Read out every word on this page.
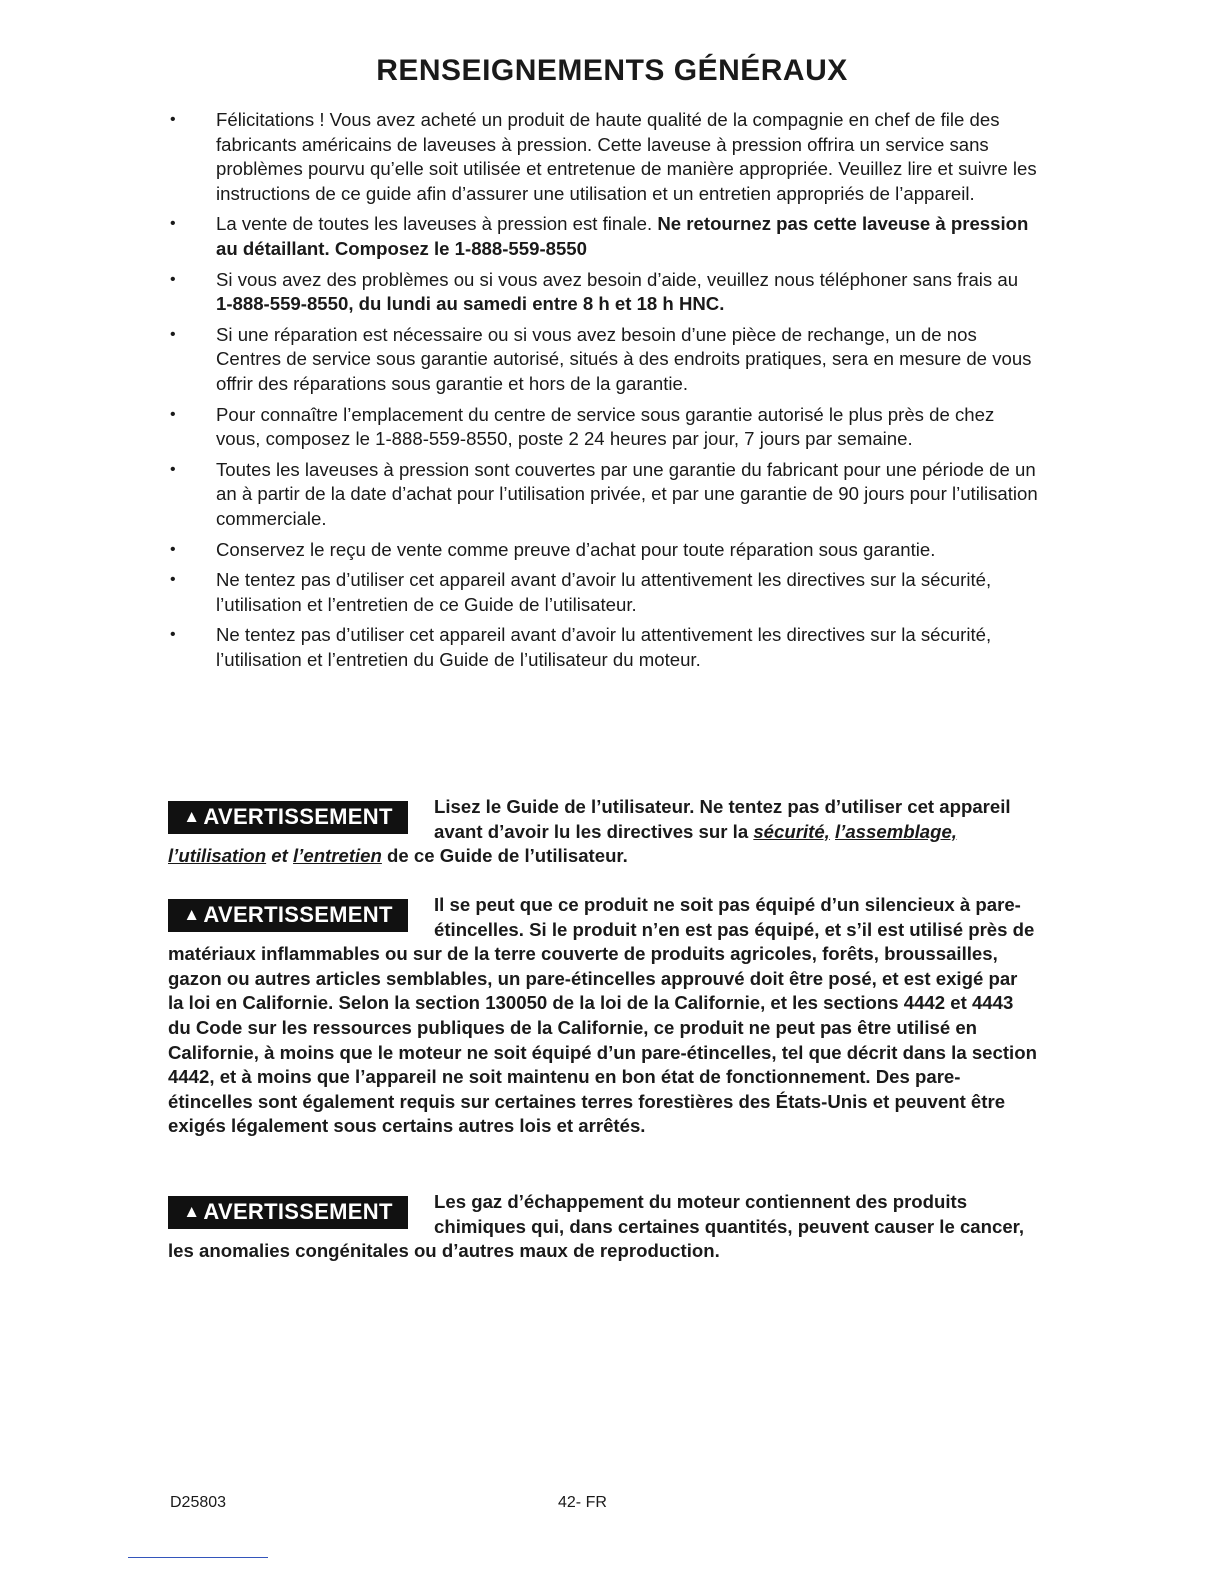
RENSEIGNEMENTS GÉNÉRAUX
• Félicitations ! Vous avez acheté un produit de haute qualité de la compagnie en chef de file des fabricants américains de laveuses à pression. Cette laveuse à pression offrira un service sans problèmes pourvu qu’elle soit utilisée et entretenue de manière appropriée. Veuillez lire et suivre les instructions de ce guide afin d’assurer une utilisation et un entretien appropriés de l’appareil.
• La vente de toutes les laveuses à pression est finale. Ne retournez pas cette laveuse à pression au détaillant. Composez le 1-888-559-8550
• Si vous avez des problèmes ou si vous avez besoin d’aide, veuillez nous téléphoner sans frais au 1-888-559-8550, du lundi au samedi entre 8 h et 18 h HNC.
• Si une réparation est nécessaire ou si vous avez besoin d’une pièce de rechange, un de nos Centres de service sous garantie autorisé, situés à des endroits pratiques, sera en mesure de vous offrir des réparations sous garantie et hors de la garantie.
• Pour connaître l’emplacement du centre de service sous garantie autorisé le plus près de chez vous, composez le 1-888-559-8550, poste 2 24 heures par jour, 7 jours par semaine.
• Toutes les laveuses à pression sont couvertes par une garantie du fabricant pour une période de un an à partir de la date d’achat pour l’utilisation privée, et par une garantie de 90 jours pour l’utilisation commerciale.
• Conservez le reçu de vente comme preuve d’achat pour toute réparation sous garantie.
• Ne tentez pas d’utiliser cet appareil avant d’avoir lu attentivement les directives sur la sécurité, l’utilisation et l’entretien de ce Guide de l’utilisateur.
• Ne tentez pas d’utiliser cet appareil avant d’avoir lu attentivement les directives sur la sécurité, l’utilisation et l’entretien du Guide de l’utilisateur du moteur.
▲ AVERTISSEMENT Lisez le Guide de l’utilisateur. Ne tentez pas d’utiliser cet appareil avant d’avoir lu les directives sur la sécurité, l’assemblage, l’utilisation et l’entretien de ce Guide de l’utilisateur.
▲ AVERTISSEMENT Il se peut que ce produit ne soit pas équipé d’un silencieux à pare-étincelles. Si le produit n’en est pas équipé, et s’il est utilisé près de matériaux inflammables ou sur de la terre couverte de produits agricoles, forêts, broussailles, gazon ou autres articles semblables, un pare-étincelles approuvé doit être posé, et est exigé par la loi en Californie. Selon la section 130050 de la loi de la Californie, et les sections 4442 et 4443 du Code sur les ressources publiques de la Californie, ce produit ne peut pas être utilisé en Californie, à moins que le moteur ne soit équipé d’un pare-étincelles, tel que décrit dans la section 4442, et à moins que l’appareil ne soit maintenu en bon état de fonctionnement. Des pare-étincelles sont également requis sur certaines terres forestières des États-Unis et peuvent être exigés légalement sous certains autres lois et arrêtés.
▲ AVERTISSEMENT Les gaz d’échappement du moteur contiennent des produits chimiques qui, dans certaines quantités, peuvent causer le cancer, les anomalies congénitales ou d’autres maux de reproduction.
D25803	42- FR
